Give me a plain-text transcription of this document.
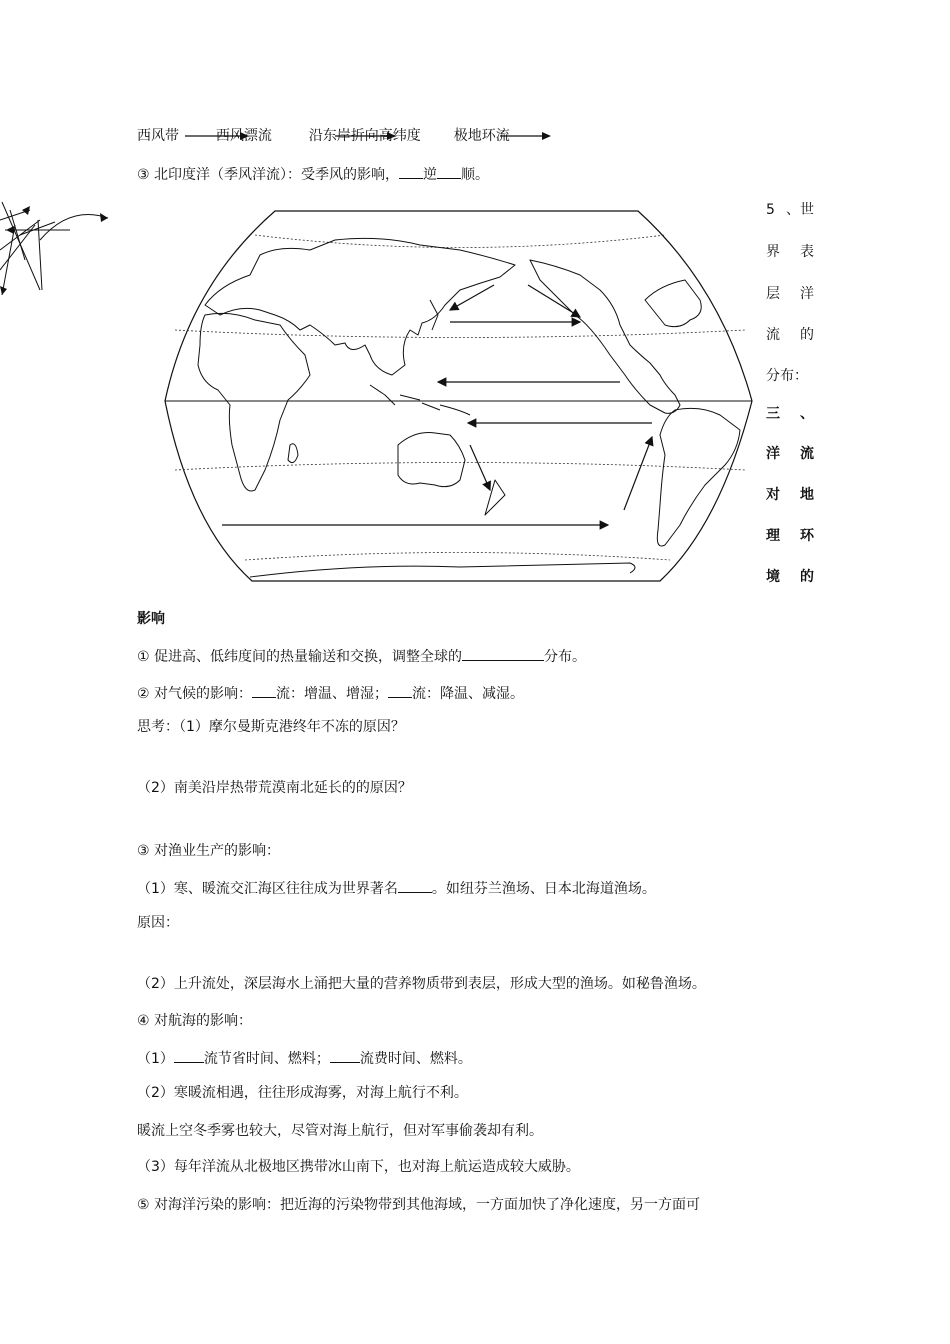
西风带	西风漂流	沿东岸折向高纬度 极地环流
③ 北印度洋（季风洋流）：受季风的影响， 逆 顺。
5 、世
界 表
层 洋
流 的
分布：
三 、
洋 流
对 地
理 环
境 的
影响
① 促进高、低纬度间的热量输送和交换，调整全球的	分布。
② 对气候的影响： 流：增温、增湿； 流：降温、减湿。
思考：（1）摩尔曼斯克港终年不冻的原因？
（2）南美沿岸热带荒漠南北延长的的原因？
③ 对渔业生产的影响：
（1）寒、暖流交汇海区往往成为世界著名 。如纽芬兰渔场、日本北海道渔场。
原因：
（2）上升流处，深层海水上涌把大量的营养物质带到表层，形成大型的渔场。如秘鲁渔场。
④ 对航海的影响：
（1） 流节省时间、燃料； 流费时间、燃料。
（2）寒暖流相遇，往往形成海雾，对海上航行不利。
暖流上空冬季雾也较大，尽管对海上航行，但对军事偷袭却有利。
（3）每年洋流从北极地区携带冰山南下，也对海上航运造成较大威胁。
⑤ 对海洋污染的影响：把近海的污染物带到其他海域，一方面加快了净化速度，另一方面可
